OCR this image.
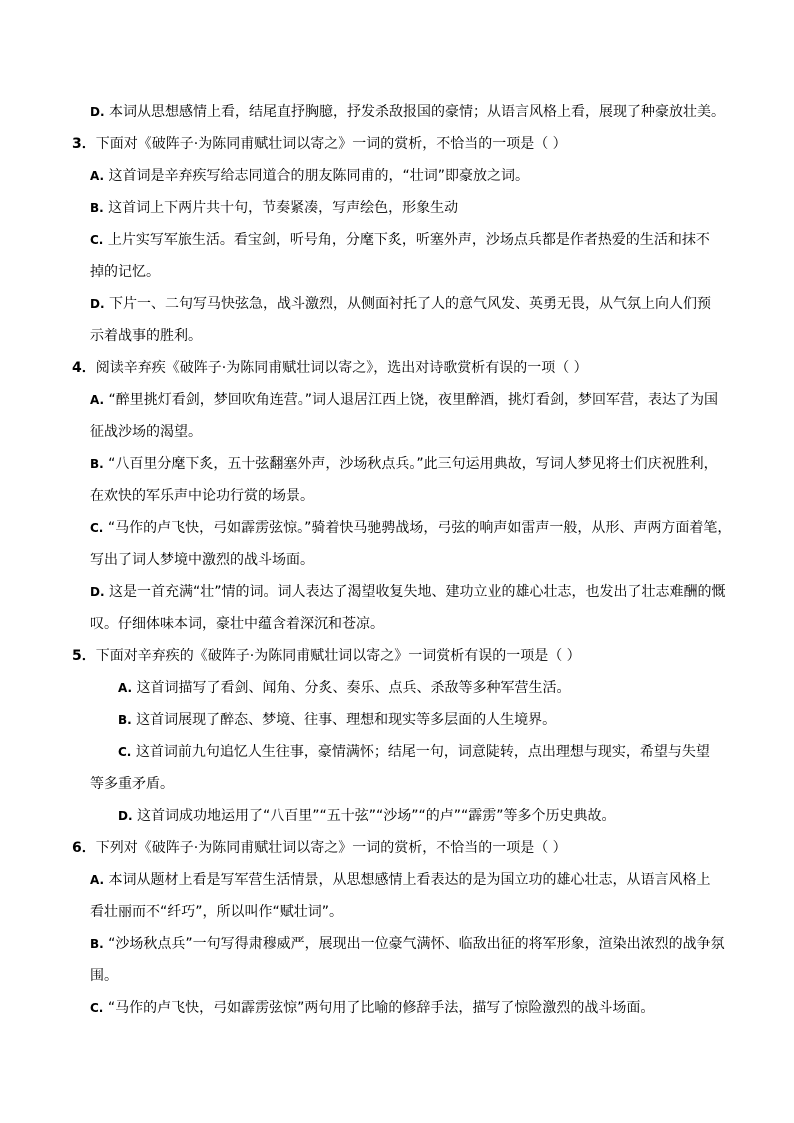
D. 本词从思想感情上看，结尾直抒胸臆，抒发杀敌报国的豪情；从语言风格上看，展现了种豪放壮美。
3．下面对《破阵子·为陈同甫赋壮词以寄之》一词的赏析，不恰当的一项是（ ）
A. 这首词是辛弃疾写给志同道合的朋友陈同甫的，“壮词”即豪放之词。
B. 这首词上下两片共十句，节奏紧凑，写声绘色，形象生动
C. 上片实写军旅生活。看宝剑，听号角，分麾下炙，听塞外声，沙场点兵都是作者热爱的生活和抹不
掉的记忆。
D. 下片一、二句写马快弦急，战斗激烈，从侧面衬托了人的意气风发、英勇无畏，从气氛上向人们预
示着战事的胜利。
4．阅读辛弃疾《破阵子·为陈同甫赋壮词以寄之》，选出对诗歌赏析有误的一项（ ）
A. “醉里挑灯看剑，梦回吹角连营。”词人退居江西上饶，夜里醉酒，挑灯看剑，梦回军营，表达了为国
征战沙场的渴望。
B. “八百里分麾下炙，五十弦翻塞外声，沙场秋点兵。”此三句运用典故，写词人梦见将士们庆祝胜利，
在欢快的军乐声中论功行赏的场景。
C. “马作的卢飞快，弓如霹雳弦惊。”骑着快马驰骋战场，弓弦的响声如雷声一般，从形、声两方面着笔，
写出了词人梦境中激烈的战斗场面。
D. 这是一首充满“壮”情的词。词人表达了渴望收复失地、建功立业的雄心壮志，也发出了壮志难酬的慨
叹。仔细体味本词，豪壮中蕴含着深沉和苍凉。
5．下面对辛弃疾的《破阵子·为陈同甫赋壮词以寄之》一词赏析有误的一项是（ ）
A. 这首词描写了看剑、闻角、分炙、奏乐、点兵、杀敌等多种军营生活。
B. 这首词展现了醉态、梦境、往事、理想和现实等多层面的人生境界。
C. 这首词前九句追忆人生往事，豪情满怀；结尾一句，词意陡转，点出理想与现实，希望与失望
等多重矛盾。
D. 这首词成功地运用了“八百里”“五十弦”“沙场”“的卢”“霹雳”等多个历史典故。
6．下列对《破阵子·为陈同甫赋壮词以寄之》一词的赏析，不恰当的一项是（ ）
A. 本词从题材上看是写军营生活情景，从思想感情上看表达的是为国立功的雄心壮志，从语言风格上
看壮丽而不“纤巧”，所以叫作“赋壮词”。
B. “沙场秋点兵”一句写得肃穆威严，展现出一位豪气满怀、临敌出征的将军形象，渲染出浓烈的战争氛
围。
C. “马作的卢飞快，弓如霹雳弦惊”两句用了比喻的修辞手法，描写了惊险激烈的战斗场面。
